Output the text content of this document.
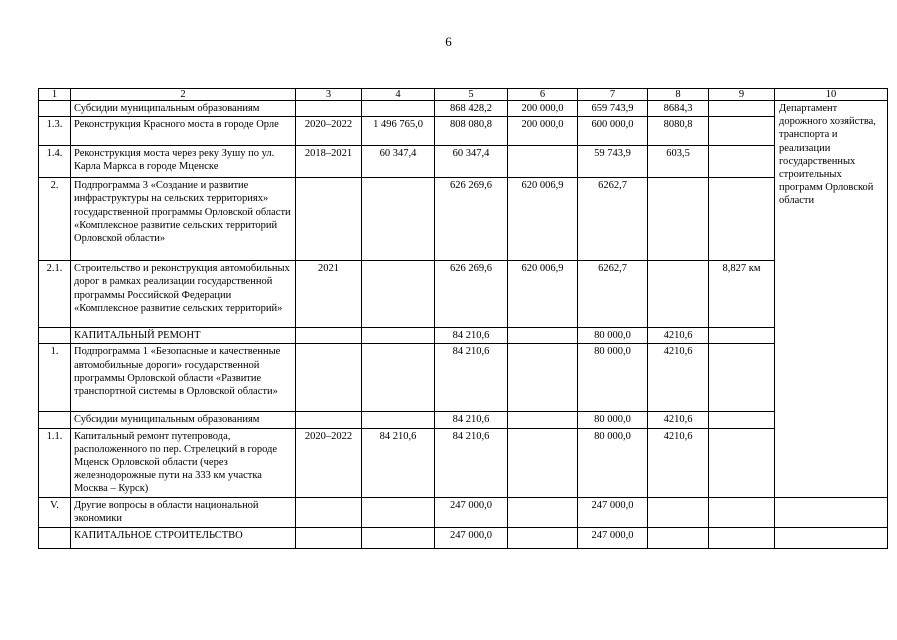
6
1	2	3	4	5	6	7	8	9	10
	Субсидии муниципальным образованиям			868 428,2	200 000,0	659 743,9	8684,3		Департамент дорожного хозяйства, транспорта и реализации государственных строительных программ Орловской области
1.3.	Реконструкция Красного моста в городе Орле	2020–2022	1 496 765,0	808 080,8	200 000,0	600 000,0	8080,8		
1.4.	Реконструкция моста через реку Зушу по ул. Карла Маркса в городе Мценске	2018–2021	60 347,4	60 347,4		59 743,9	603,5		
2.	Подпрограмма 3 «Создание и развитие инфраструктуры на сельских территориях» государственной программы Орловской области «Комплексное развитие сельских территорий Орловской области»			626 269,6	620 006,9	6262,7			
2.1.	Строительство и реконструкция автомобильных дорог в рамках реализации государственной программы Российской Федерации «Комплексное развитие сельских территорий»	2021		626 269,6	620 006,9	6262,7		8,827 км	
	КАПИТАЛЬНЫЙ РЕМОНТ			84 210,6		80 000,0	4210,6		
1.	Подпрограмма 1 «Безопасные и качественные автомобильные дороги» государственной программы Орловской области «Развитие транспортной системы в Орловской области»			84 210,6		80 000,0	4210,6		
	Субсидии муниципальным образованиям			84 210,6		80 000,0	4210,6		
1.1.	Капитальный ремонт путепровода, расположенного по пер. Стрелецкий в городе Мценск Орловской области (через железнодорожные пути на 333 км участка Москва – Курск)	2020–2022	84 210,6	84 210,6		80 000,0	4210,6		
V.	Другие вопросы в области национальной экономики			247 000,0		247 000,0			
	КАПИТАЛЬНОЕ СТРОИТЕЛЬСТВО			247 000,0		247 000,0			
